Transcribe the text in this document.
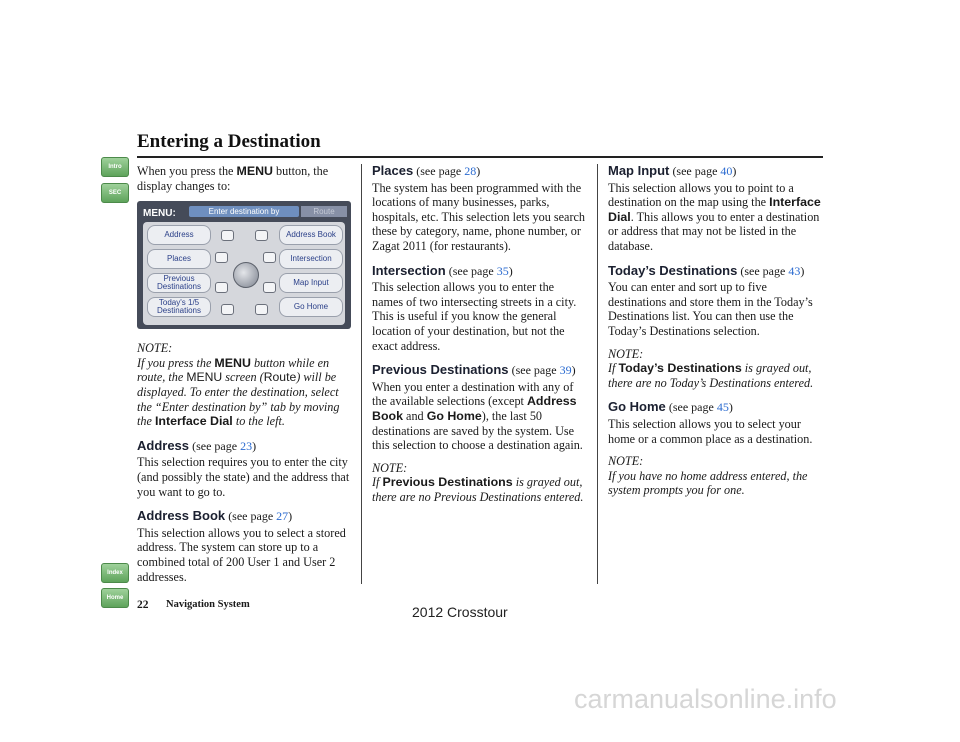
Entering a Destination
Intro
SEC
Index
Home

When you press the MENU button, the display changes to:

MENU:	Enter destination by	Route
Address
Places
Previous Destinations
Today's 1/5 Destinations
Address Book
Intersection
Map Input
Go Home
NOTE:

If you press the MENU button while en route, the MENU screen (Route) will be displayed. To enter the destination, select the “Enter destination by” tab by moving the Interface Dial to the left.

Address (see page 23)

This selection requires you to enter the city (and possibly the state) and the address that you want to go to.

Address Book (see page 27)

This selection allows you to select a stored address. The system can store up to a combined total of 200 User 1 and User 2 addresses.

Places (see page 28)

The system has been programmed with the locations of many businesses, parks, hospitals, etc. This selection lets you search these by category, name, phone number, or Zagat 2011 (for restaurants).

Intersection (see page 35)

This selection allows you to enter the names of two intersecting streets in a city. This is useful if you know the general location of your destination, but not the exact address.

Previous Destinations (see page 39)

When you enter a destination with any of the available selections (except Address Book and Go Home), the last 50 destinations are saved by the system. Use this selection to choose a destination again.

NOTE:

If Previous Destinations is grayed out, there are no Previous Destinations entered.

Map Input (see page 40)

This selection allows you to point to a destination on the map using the Interface Dial. This allows you to enter a destination or address that may not be listed in the database.

Today’s Destinations (see page 43)

You can enter and sort up to five destinations and store them in the Today’s Destinations list. You can then use the Today’s Destinations selection.

NOTE:

If Today’s Destinations is grayed out, there are no Today’s Destinations entered.

Go Home (see page 45)

This selection allows you to select your home or a common place as a destination.

NOTE:

If you have no home address entered, the system prompts you for one.

22 Navigation System	2012 Crosstour
carmanualsonline.info
